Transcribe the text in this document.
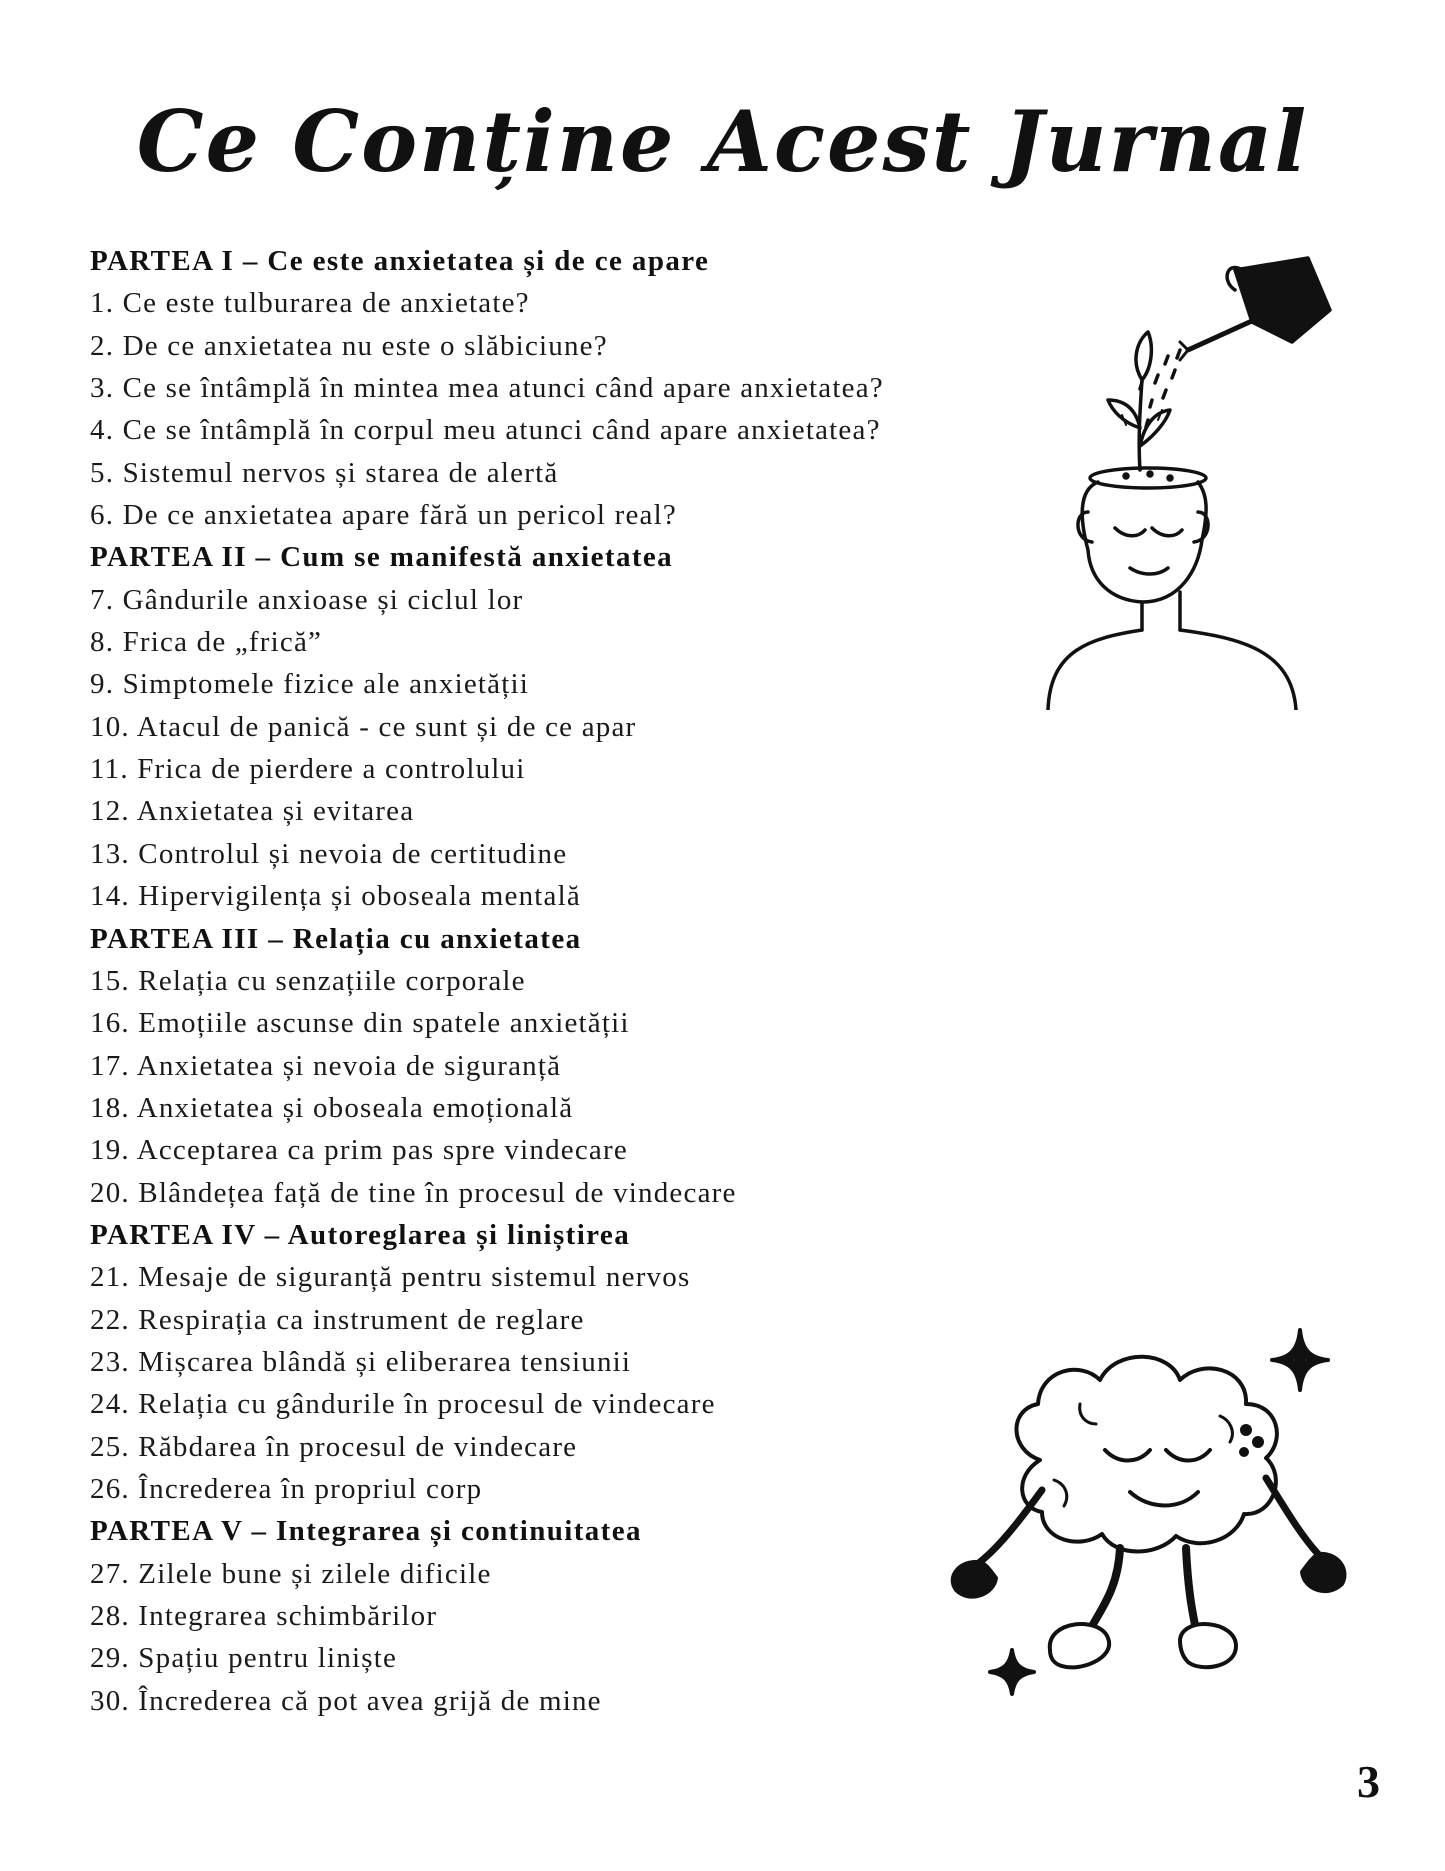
Ce Conține Acest Jurnal
PARTEA I – Ce este anxietatea și de ce apare
1. Ce este tulburarea de anxietate?
2. De ce anxietatea nu este o slăbiciune?
3. Ce se întâmplă în mintea mea atunci când apare anxietatea?
4. Ce se întâmplă în corpul meu atunci când apare anxietatea?
5. Sistemul nervos și starea de alertă
6. De ce anxietatea apare fără un pericol real?
PARTEA II – Cum se manifestă anxietatea
7. Gândurile anxioase și ciclul lor
8. Frica de „frică”
9. Simptomele fizice ale anxietății
10. Atacul de panică - ce sunt și de ce apar
11. Frica de pierdere a controlului
12. Anxietatea și evitarea
13. Controlul și nevoia de certitudine
14. Hipervigilența și oboseala mentală
PARTEA III – Relația cu anxietatea
15. Relația cu senzațiile corporale
16. Emoțiile ascunse din spatele anxietății
17. Anxietatea și nevoia de siguranță
18. Anxietatea și oboseala emoțională
19. Acceptarea ca prim pas spre vindecare
20. Blândețea față de tine în procesul de vindecare
PARTEA IV – Autoreglarea și liniștirea
21. Mesaje de siguranță pentru sistemul nervos
22. Respirația ca instrument de reglare
23. Mișcarea blândă și eliberarea tensiunii
24. Relația cu gândurile în procesul de vindecare
25. Răbdarea în procesul de vindecare
26. Încrederea în propriul corp
PARTEA V – Integrarea și continuitatea
27. Zilele bune și zilele dificile
28. Integrarea schimbărilor
29. Spațiu pentru liniște
30. Încrederea că pot avea grijă de mine
3
